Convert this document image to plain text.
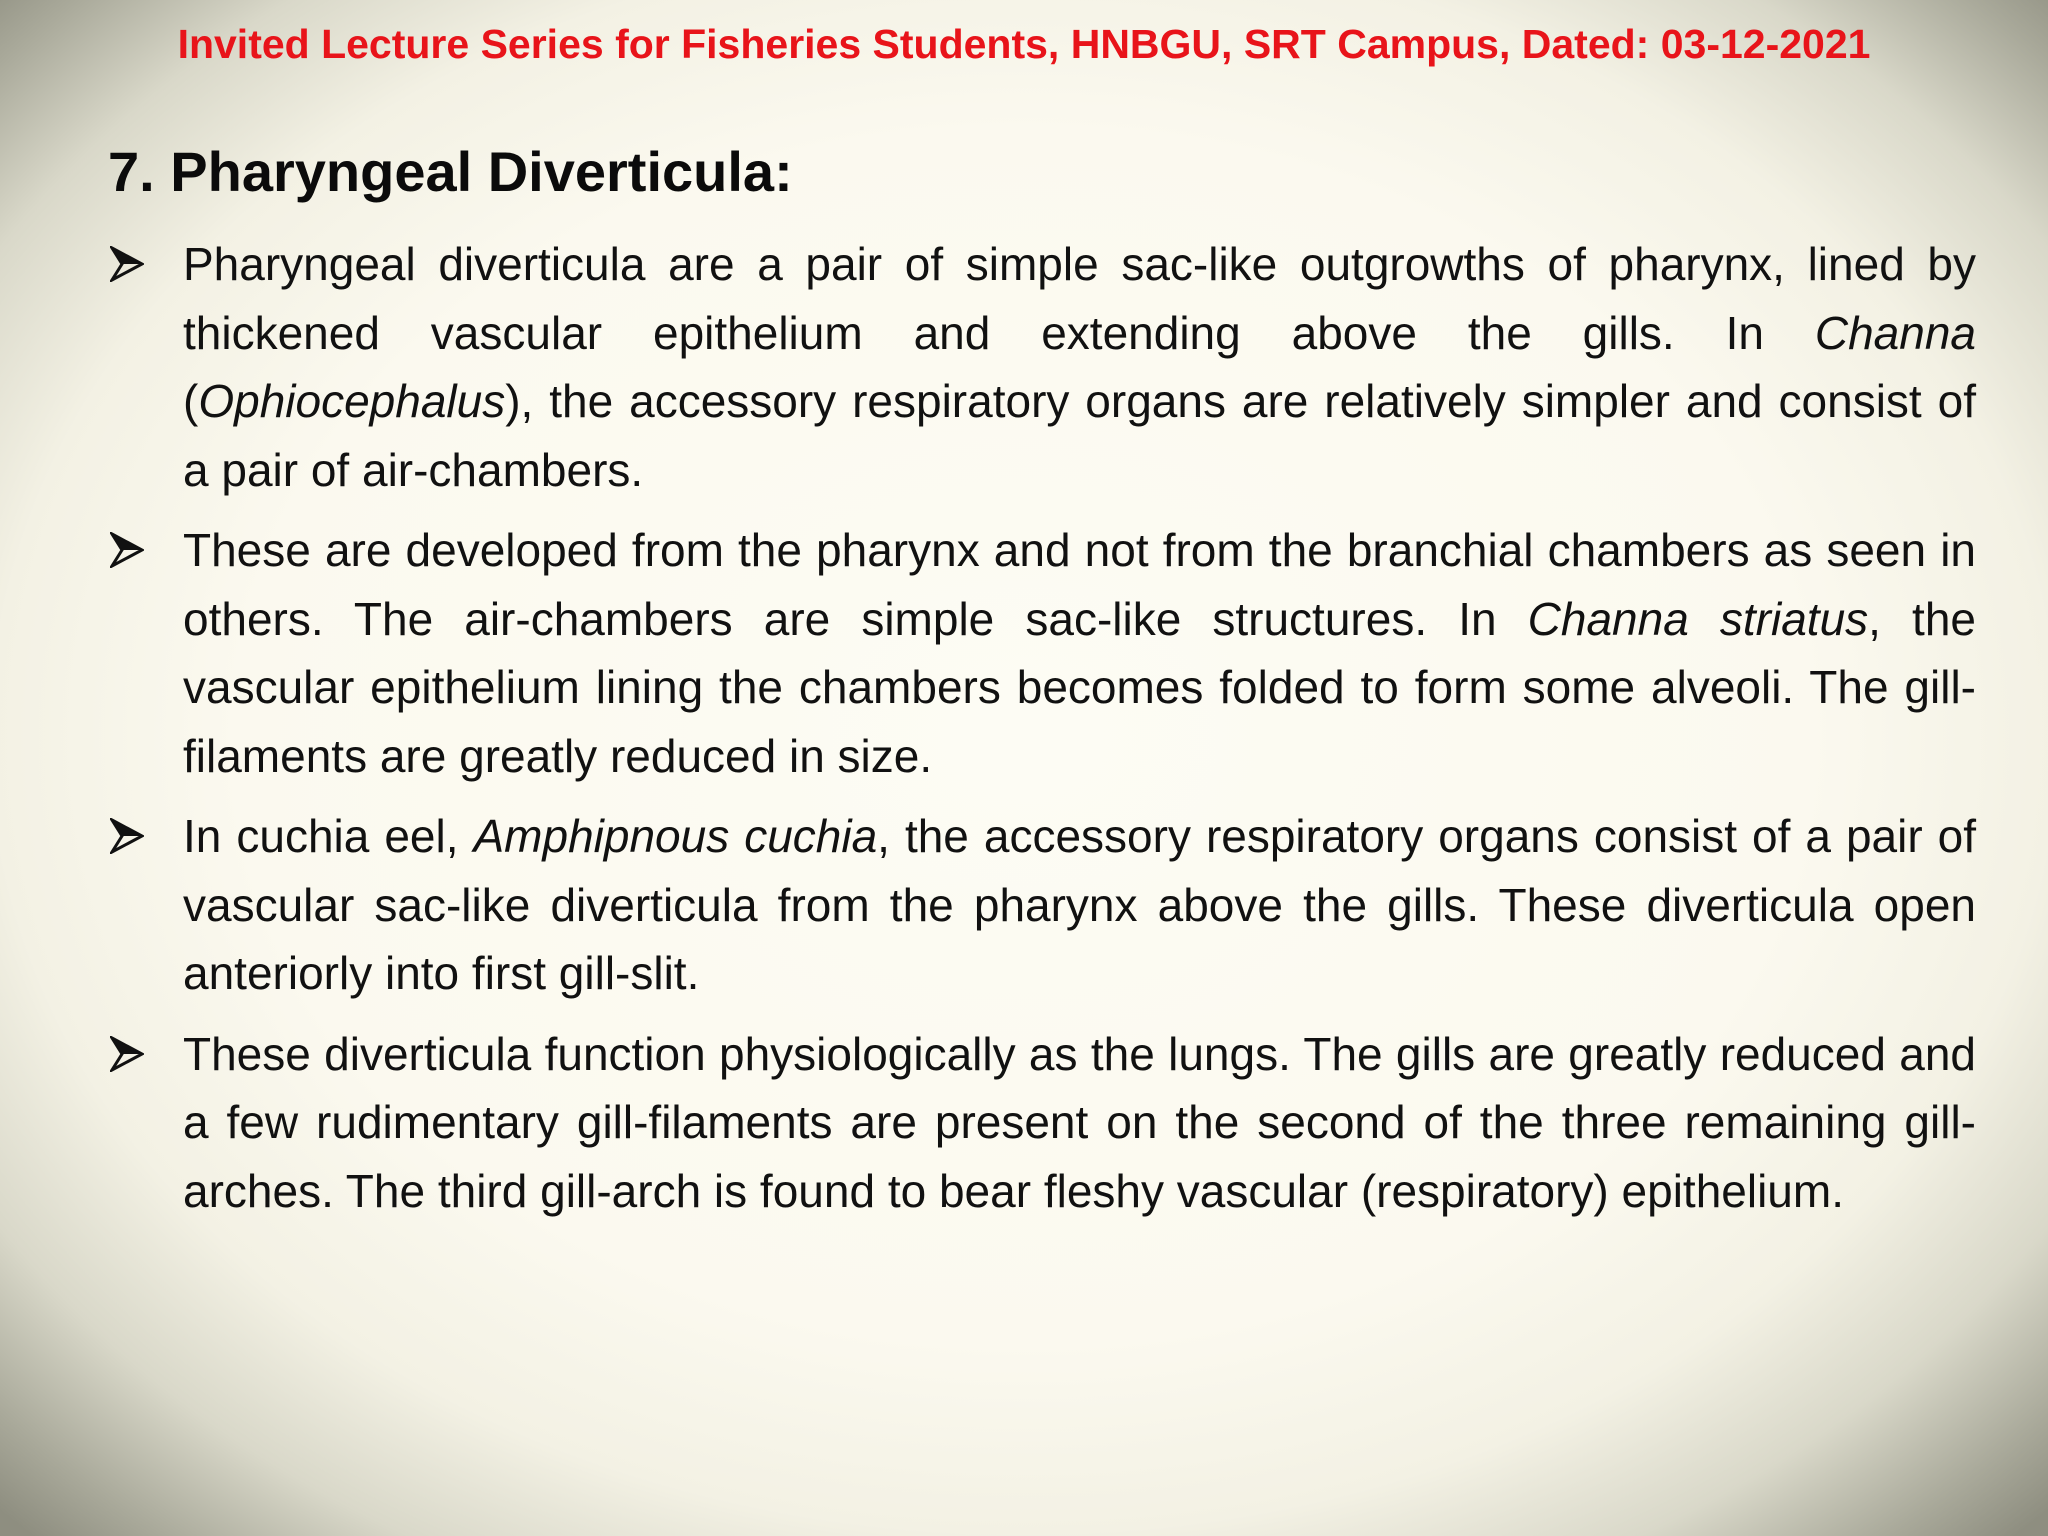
Invited Lecture Series for Fisheries Students, HNBGU, SRT Campus, Dated: 03-12-2021
7. Pharyngeal Diverticula:
Pharyngeal diverticula are a pair of simple sac-like outgrowths of pharynx, lined by thickened vascular epithelium and extending above the gills. In Channa (Ophiocephalus), the accessory respiratory organs are relatively simpler and consist of a pair of air-chambers.
These are developed from the pharynx and not from the branchial chambers as seen in others. The air-chambers are simple sac-like structures. In Channa striatus, the vascular epithelium lining the chambers becomes folded to form some alveoli. The gill-filaments are greatly reduced in size.
In cuchia eel, Amphipnous cuchia, the accessory respiratory organs consist of a pair of vascular sac-like diverticula from the pharynx above the gills. These diverticula open anteriorly into first gill-slit.
These diverticula function physiologically as the lungs. The gills are greatly reduced and a few rudimentary gill-filaments are present on the second of the three remaining gill-arches. The third gill-arch is found to bear fleshy vascular (respiratory) epithelium.
